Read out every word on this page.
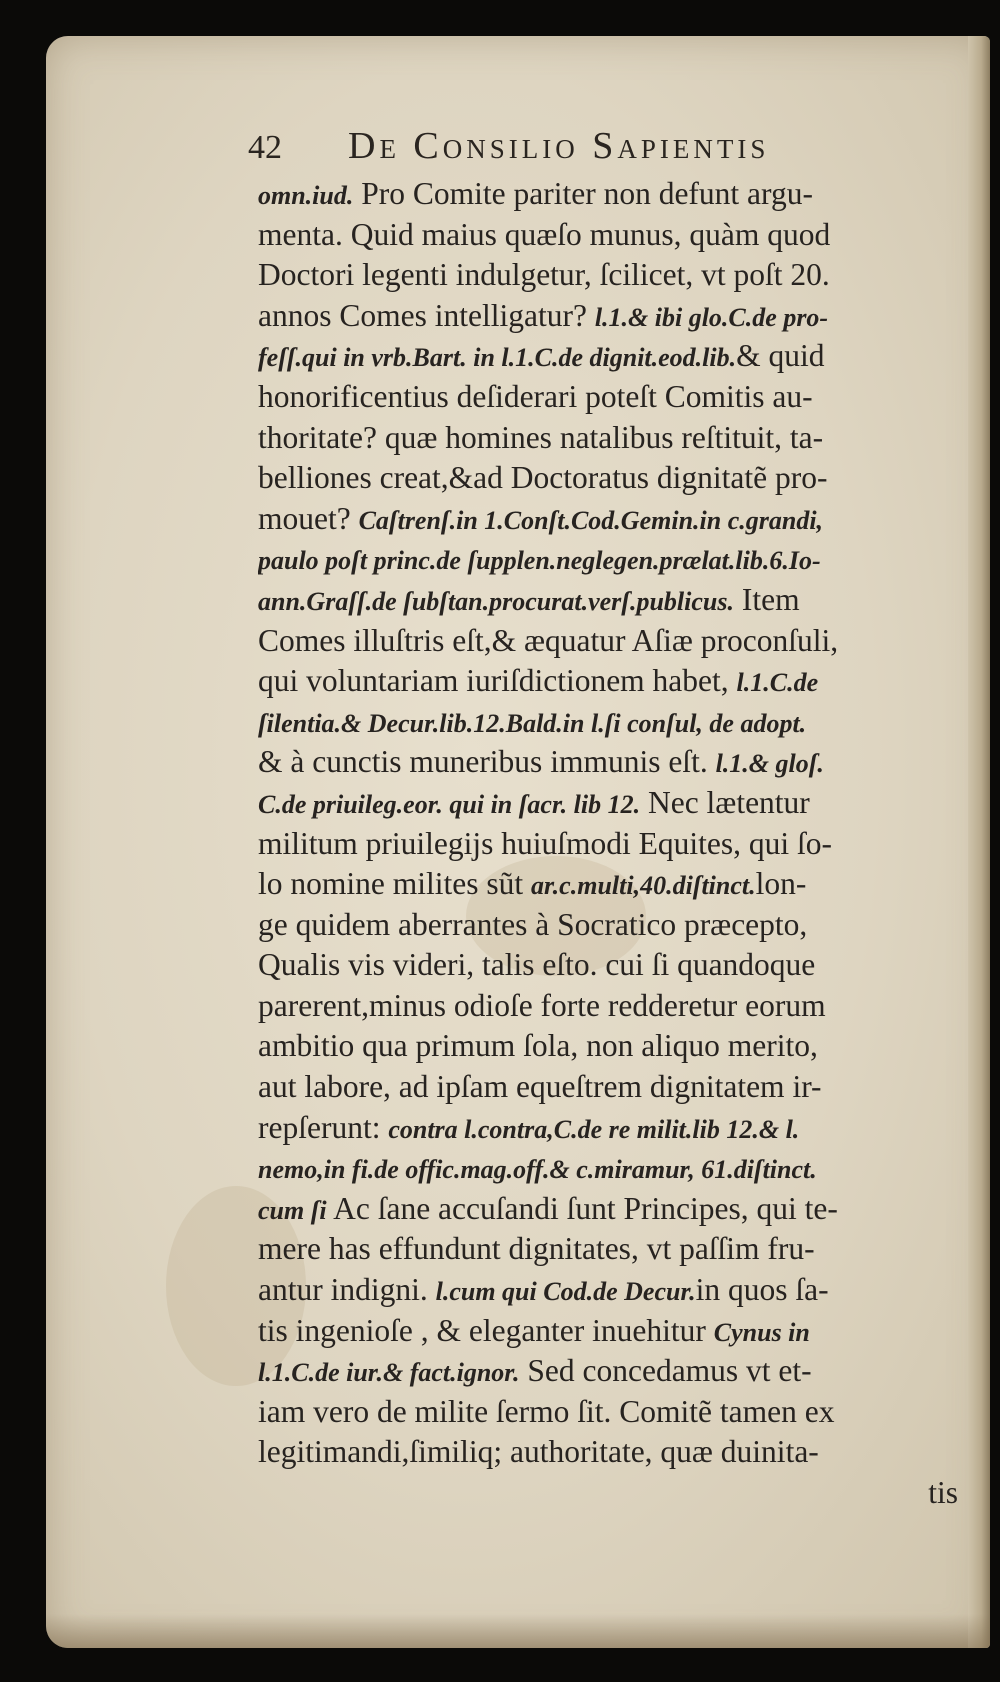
42	De Consilio Sapientis
omn.iud. Pro Comite pariter non defunt argu-
menta. Quid maius quæſo munus, quàm quod
Doctori legenti indulgetur, ſcilicet, vt poſt 20.
annos Comes intelligatur? l.1.& ibi glo.C.de pro-
feſſ.qui in vrb.Bart. in l.1.C.de dignit.eod.lib.& quid
honorificentius deſiderari poteſt Comitis au-
thoritate? quæ homines natalibus reſtituit, ta-
belliones creat,&ad Doctoratus dignitatẽ pro-
mouet? Caſtrenſ.in 1.Conſt.Cod.Gemin.in c.grandi,
paulo poſt princ.de ſupplen.neglegen.prælat.lib.6.Io-
ann.Graſſ.de ſubſtan.procurat.verſ.publicus. Item
Comes illuſtris eſt,& æquatur Aſiæ proconſuli,
qui voluntariam iuriſdictionem habet, l.1.C.de
ſilentia.& Decur.lib.12.Bald.in l.ſi conſul, de adopt.
& à cunctis muneribus immunis eſt. l.1.& gloſ.
C.de priuileg.eor. qui in ſacr. lib 12. Nec lætentur
militum priuilegijs huiuſmodi Equites, qui ſo-
lo nomine milites sũt ar.c.multi,40.diſtinct.lon-
ge quidem aberrantes à Socratico præcepto,
Qualis vis videri, talis eſto. cui ſi quandoque
parerent,minus odioſe forte redderetur eorum
ambitio qua primum ſola, non aliquo merito,
aut labore, ad ipſam equeſtrem dignitatem ir-
repſerunt: contra l.contra,C.de re milit.lib 12.& l.
nemo,in fi.de offic.mag.off.& c.miramur, 61.diſtinct.
cum ſi Ac ſane accuſandi ſunt Principes, qui te-
mere has effundunt dignitates, vt paſſim fru-
antur indigni. l.cum qui Cod.de Decur.in quos ſa-
tis ingenioſe , & eleganter inuehitur Cynus in
l.1.C.de iur.& fact.ignor. Sed concedamus vt et-
iam vero de milite ſermo ſit. Comitẽ tamen ex
legitimandi,ſimiliq; authoritate, quæ duinita-
tis
